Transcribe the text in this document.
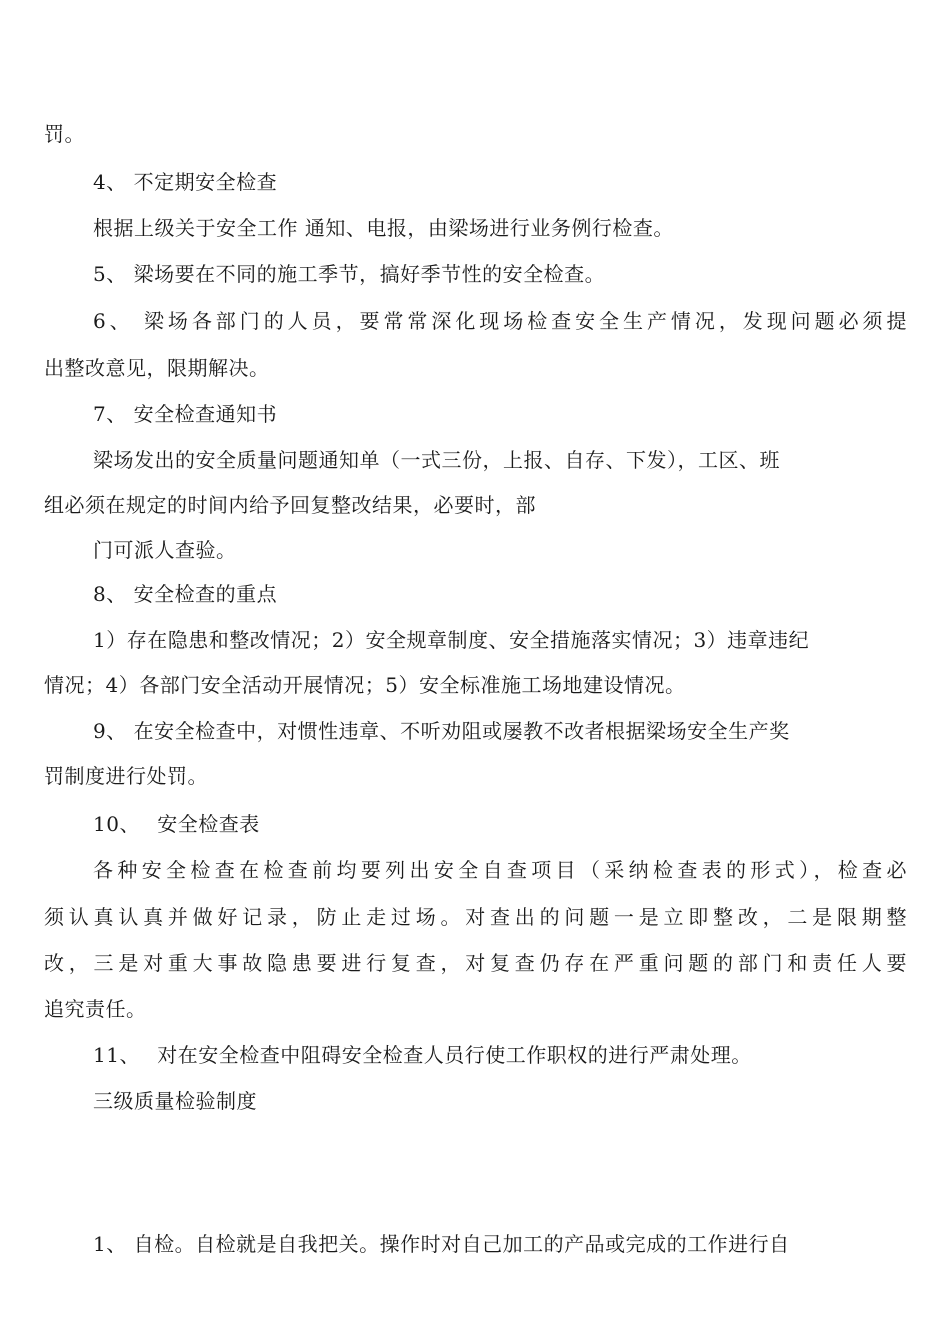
罚。
4、 不定期安全检查
根据上级关于安全工作 通知、电报，由梁场进行业务例行检查。
5、 梁场要在不同的施工季节，搞好季节性的安全检查。
6、 梁场各部门的人员，要常常深化现场检查安全生产情况，发现问题必须提
出整改意见，限期解决。
7、 安全检查通知书
梁场发出的安全质量问题通知单（一式三份，上报、自存、下发），工区、班
组必须在规定的时间内给予回复整改结果，必要时，部
门可派人查验。
8、 安全检查的重点
1）存在隐患和整改情况；2）安全规章制度、安全措施落实情况；3）违章违纪
情况；4）各部门安全活动开展情况；5）安全标准施工场地建设情况。
9、 在安全检查中，对惯性违章、不听劝阻或屡教不改者根据梁场安全生产奖
罚制度进行处罚。
10、　 安全检查表
各种安全检查在检查前均要列出安全自查项目（采纳检查表的形式），检查必
须认真认真并做好记录，防止走过场。对查出的问题一是立即整改，二是限期整
改，三是对重大事故隐患要进行复查，对复查仍存在严重问题的部门和责任人要
追究责任。
11、　 对在安全检查中阻碍安全检查人员行使工作职权的进行严肃处理。
三级质量检验制度
1、 自检。自检就是自我把关。操作时对自己加工的产品或完成的工作进行自
